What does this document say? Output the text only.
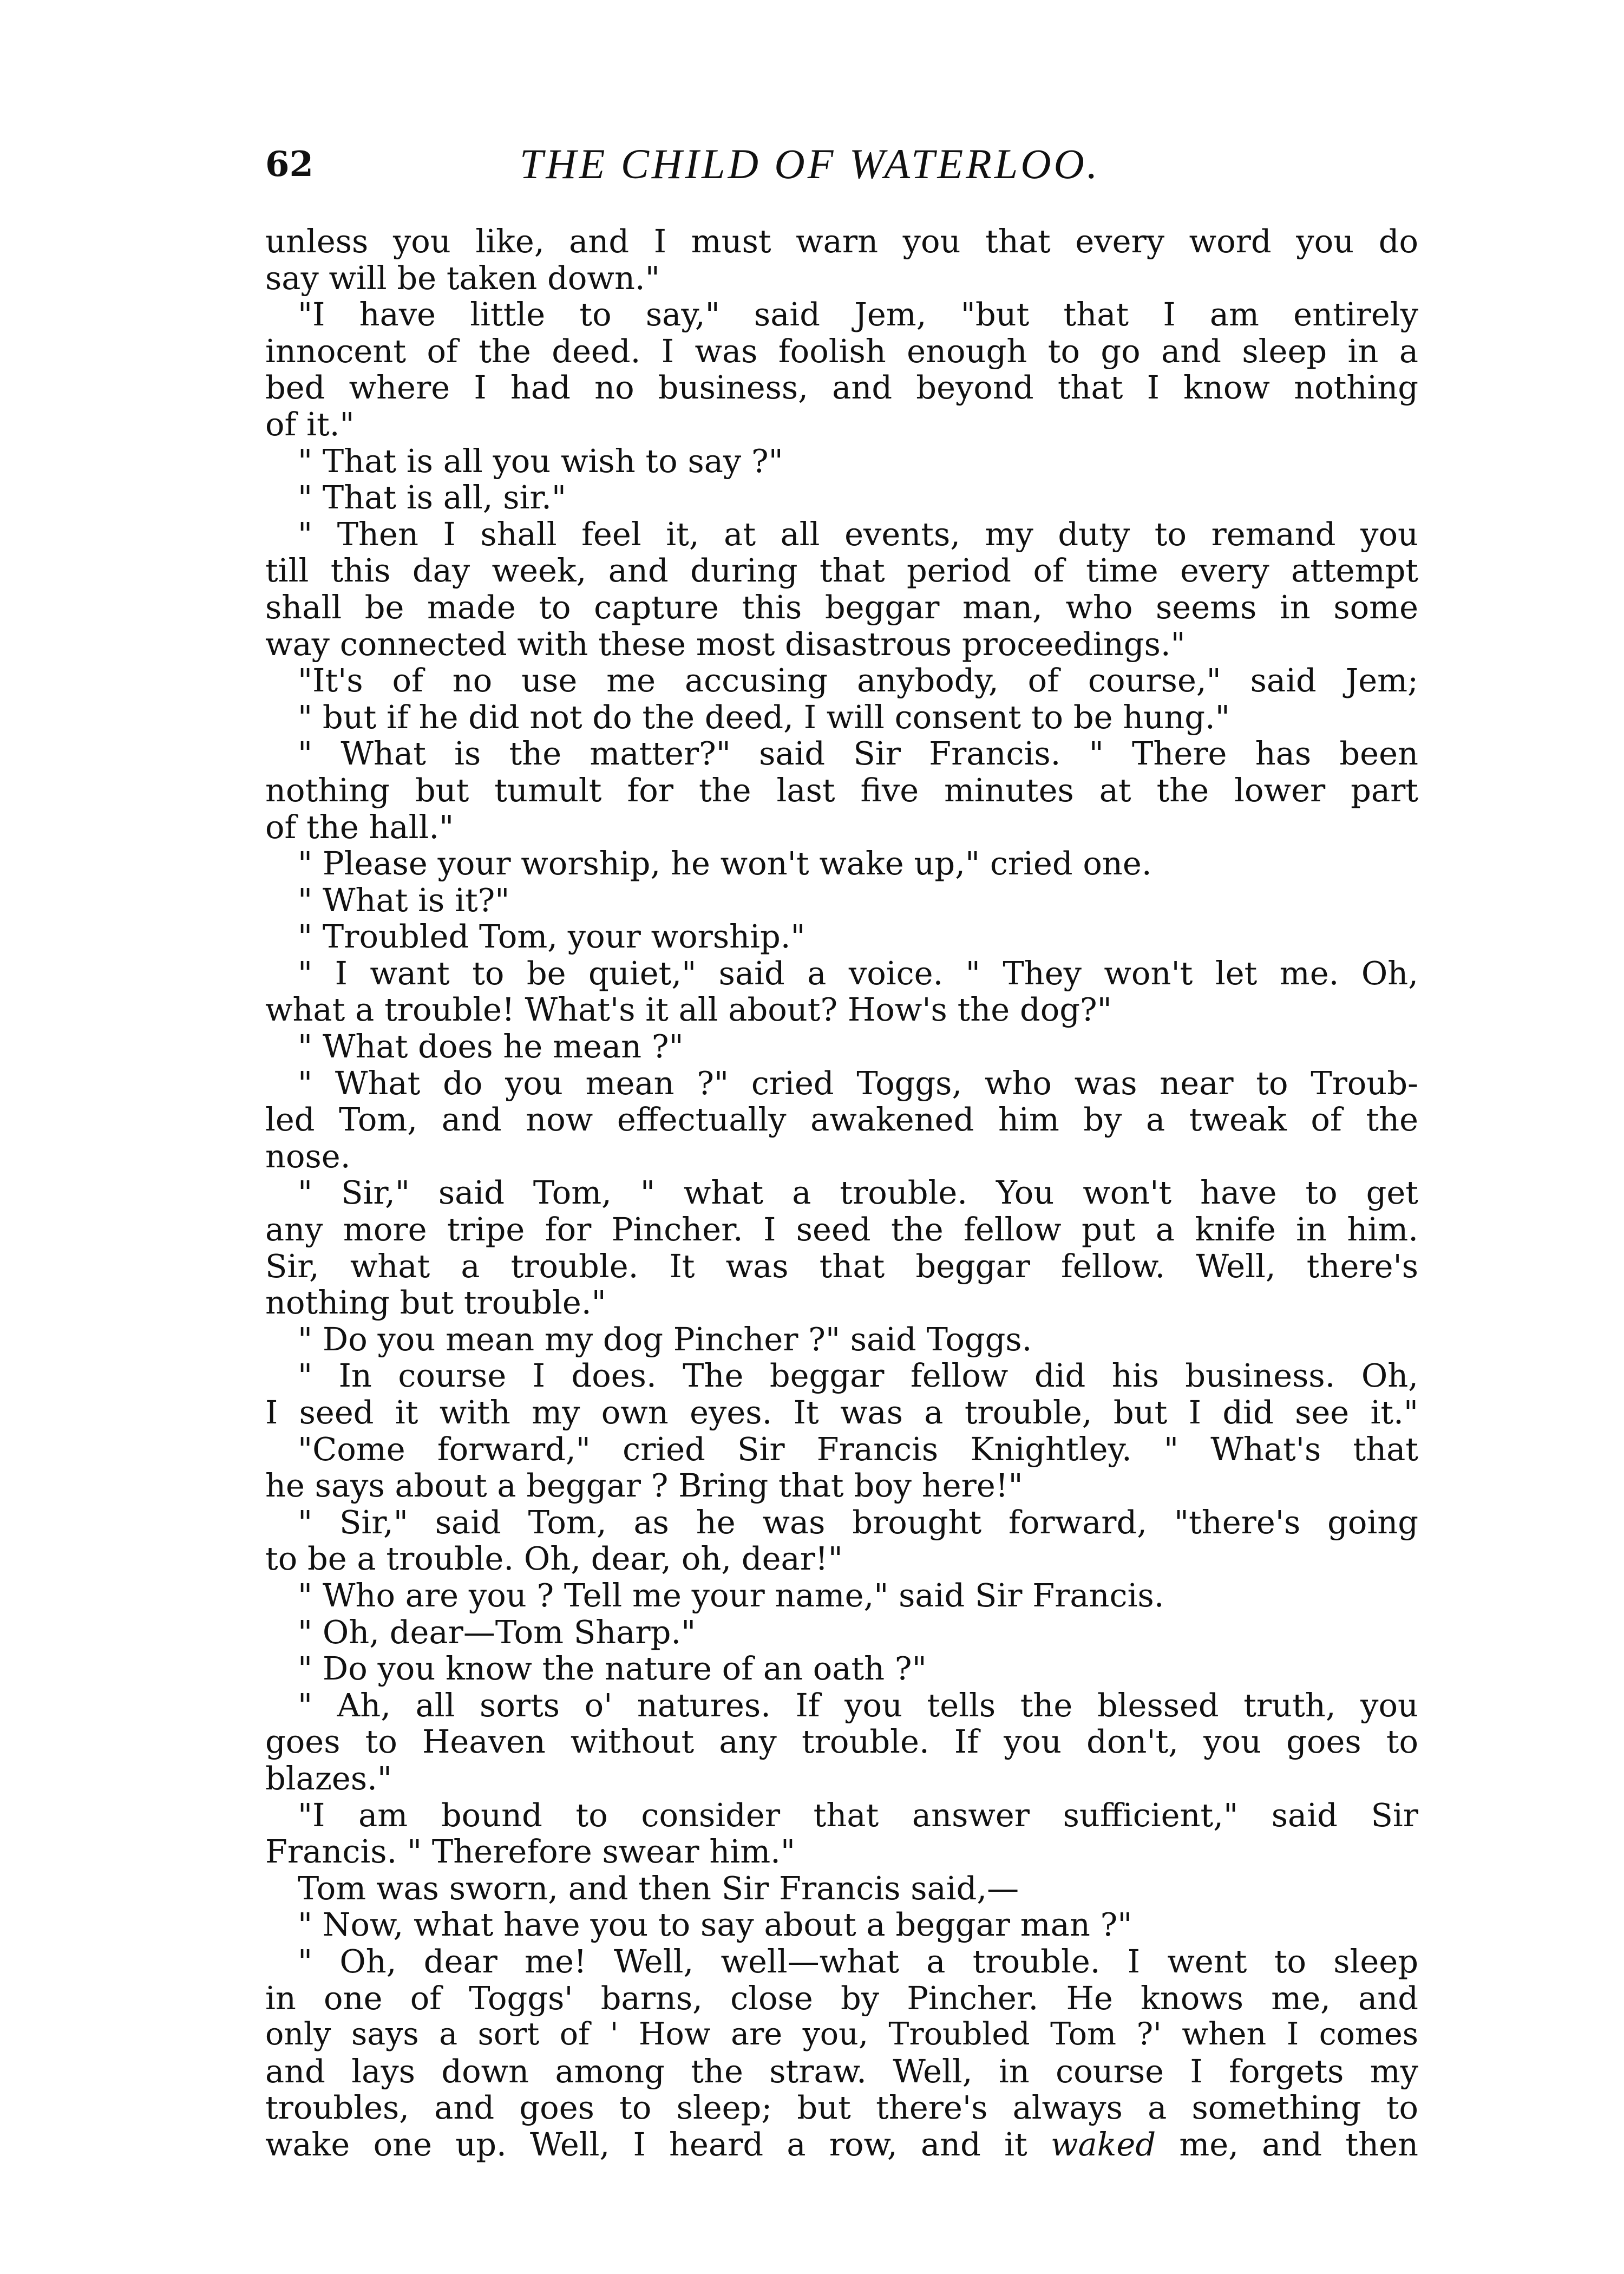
62	THE CHILD OF WATERLOO.
unless you like, and I must warn you that every word you do
say will be taken down."
"I have little to say," said Jem, "but that I am entirely
innocent of the deed. I was foolish enough to go and sleep in a
bed where I had no business, and beyond that I know nothing
of it."
" That is all you wish to say ?"
" That is all, sir."
" Then I shall feel it, at all events, my duty to remand you
till this day week, and during that period of time every attempt
shall be made to capture this beggar man, who seems in some
way connected with these most disastrous proceedings."
"It's of no use me accusing anybody, of course," said Jem;
" but if he did not do the deed, I will consent to be hung."
" What is the matter?" said Sir Francis. " There has been
nothing but tumult for the last five minutes at the lower part
of the hall."
" Please your worship, he won't wake up," cried one.
" What is it?"
" Troubled Tom, your worship."
" I want to be quiet," said a voice. " They won't let me. Oh,
what a trouble! What's it all about? How's the dog?"
" What does he mean ?"
" What do you mean ?" cried Toggs, who was near to Troub-
led Tom, and now effectually awakened him by a tweak of the
nose.
" Sir," said Tom, " what a trouble. You won't have to get
any more tripe for Pincher. I seed the fellow put a knife in him.
Sir, what a trouble. It was that beggar fellow. Well, there's
nothing but trouble."
" Do you mean my dog Pincher ?" said Toggs.
" In course I does. The beggar fellow did his business. Oh,
I seed it with my own eyes. It was a trouble, but I did see it."
"Come forward," cried Sir Francis Knightley. " What's that
he says about a beggar ? Bring that boy here!"
" Sir," said Tom, as he was brought forward, "there's going
to be a trouble. Oh, dear, oh, dear!"
" Who are you ? Tell me your name," said Sir Francis.
" Oh, dear—Tom Sharp."
" Do you know the nature of an oath ?"
" Ah, all sorts o' natures. If you tells the blessed truth, you
goes to Heaven without any trouble. If you don't, you goes to
blazes."
"I am bound to consider that answer sufficient," said Sir
Francis. " Therefore swear him."
Tom was sworn, and then Sir Francis said,—
" Now, what have you to say about a beggar man ?"
" Oh, dear me! Well, well—what a trouble. I went to sleep
in one of Toggs' barns, close by Pincher. He knows me, and
only says a sort of ' How are you, Troubled Tom ?' when I comes
and lays down among the straw. Well, in course I forgets my
troubles, and goes to sleep; but there's always a something to
wake one up. Well, I heard a row, and it waked me, and then
